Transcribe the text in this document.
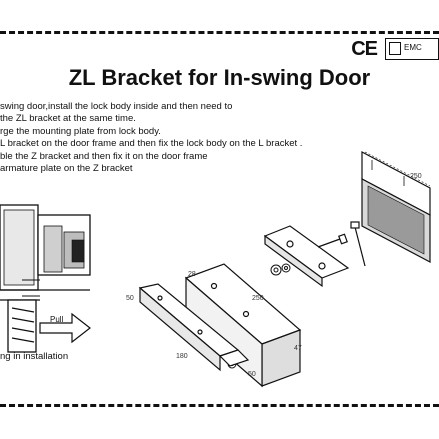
CE	EMC
ZL Bracket for In-swing Door
swing door,install the lock body inside and then need to
the ZL bracket at the same time.
rge the mounting plate from lock body.
L bracket on the door frame and then fix the lock body on the L bracket .
ble the Z bracket and then fix it on the door frame
armature plate on the Z bracket
Pull
250
28
250
47
50
180
50
ng in installation
